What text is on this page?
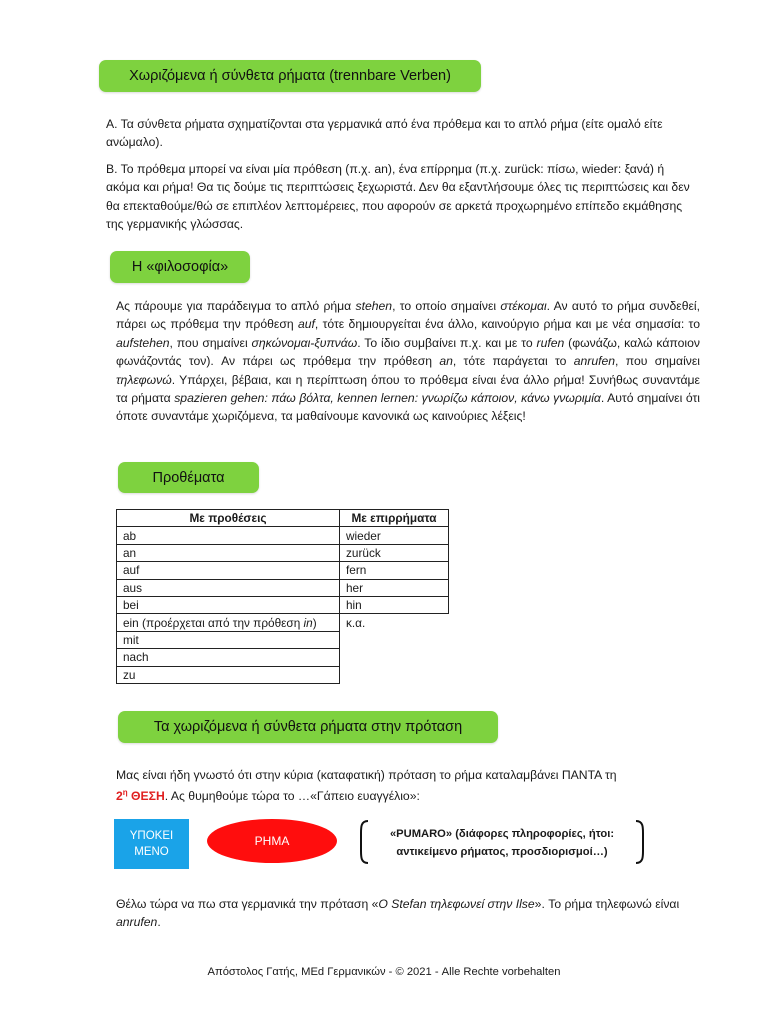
Χωριζόμενα ή σύνθετα ρήματα (trennbare Verben)
Α. Τα σύνθετα ρήματα σχηματίζονται στα γερμανικά από ένα πρόθεμα και το απλό ρήμα (είτε ομαλό είτε ανώμαλο).
Β. Το πρόθεμα μπορεί να είναι μία πρόθεση (π.χ. an), ένα επίρρημα (π.χ. zurück: πίσω, wieder: ξανά) ή ακόμα και ρήμα! Θα τις δούμε τις περιπτώσεις ξεχωριστά. Δεν θα εξαντλήσουμε όλες τις περιπτώσεις και δεν θα επεκταθούμε/θώ σε επιπλέον λεπτομέρειες, που αφορούν σε αρκετά προχωρημένο επίπεδο εκμάθησης της γερμανικής γλώσσας.
Η «φιλοσοφία»
Ας πάρουμε για παράδειγμα το απλό ρήμα stehen, το οποίο σημαίνει στέκομαι. Αν αυτό το ρήμα συνδεθεί, πάρει ως πρόθεμα την πρόθεση auf, τότε δημιουργείται ένα άλλο, καινούργιο ρήμα και με νέα σημασία: το aufstehen, που σημαίνει σηκώνομαι-ξυπνάω. Το ίδιο συμβαίνει π.χ. και με το rufen (φωνάζω, καλώ κάποιον φωνάζοντάς τον). Αν πάρει ως πρόθεμα την πρόθεση an, τότε παράγεται το anrufen, που σημαίνει τηλεφωνώ. Υπάρχει, βέβαια, και η περίπτωση όπου το πρόθεμα είναι ένα άλλο ρήμα! Συνήθως συναντάμε τα ρήματα spazieren gehen: πάω βόλτα, kennen lernen: γνωρίζω κάποιον, κάνω γνωριμία. Αυτό σημαίνει ότι όποτε συναντάμε χωριζόμενα, τα μαθαίνουμε κανονικά ως καινούριες λέξεις!
Προθέματα
Με προθέσεις	Με επιρρήματα
ab	wieder
an	zurück
auf	fern
aus	her
bei	hin
ein (προέρχεται από την πρόθεση in)	κ.α.
mit	
nach	
zu	
Τα χωριζόμενα ή σύνθετα ρήματα στην πρόταση
Μας είναι ήδη γνωστό ότι στην κύρια (καταφατική) πρόταση το ρήμα καταλαμβάνει ΠΑΝΤΑ τη
$2^\eta$ ΘΕΣΗ. Ας θυμηθούμε τώρα το …«Γάπειο ευαγγέλιο»:
ΥΠΟΚΕΙ
ΜΕΝΟ
ΡΗΜΑ	«PUMARO» (διάφορες πληροφορίες, ήτοι:
αντικείμενο ρήματος, προσδιορισμοί…)
Θέλω τώρα να πω στα γερμανικά την πρόταση «Ο Stefan τηλεφωνεί στην Ilse». Το ρήμα τηλεφωνώ είναι anrufen.
Απόστολος Γατής, MEd Γερμανικών - © 2021 - Alle Rechte vorbehalten
